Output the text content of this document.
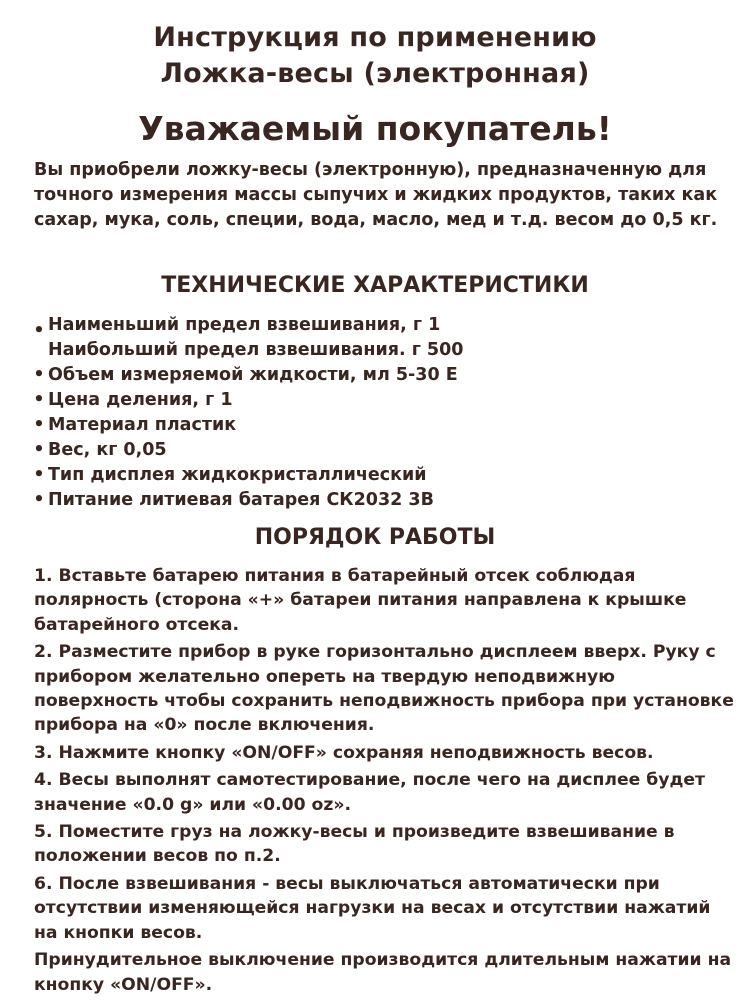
Инструкция по применению
Ложка-весы (электронная)
Уважаемый покупатель!
Вы приобрели ложку-весы (электронную), предназначенную для точного измерения массы сыпучих и жидких продуктов, таких как сахар, мука, соль, специи, вода, масло, мед и т.д. весом до 0,5 кг.
ТЕХНИЧЕСКИЕ ХАРАКТЕРИСТИКИ
• Наименьший предел взвешивания, г 1
Наибольший предел взвешивания. г 500
• Объем измеряемой жидкости, мл 5-30 Е
• Цена деления, г 1
• Материал пластик
• Вес, кг 0,05
• Тип дисплея жидкокристаллический
• Питание литиевая батарея СК2032 3В
ПОРЯДОК РАБОТЫ

1. Вставьте батарею питания в батарейный отсек соблюдая полярность (сторона «+» батареи питания направлена к крышке батарейного отсека.

2. Разместите прибор в руке горизонтально дисплеем вверх. Руку с прибором желательно опереть на твердую неподвижную поверхность чтобы сохранить неподвижность прибора при установке прибора на «0» после включения.

3. Нажмите кнопку «ON/OFF» сохраняя неподвижность весов.

4. Весы выполнят самотестирование, после чего на дисплее будет значение «0.0 g» или «0.00 oz».

5. Поместите груз на ложку-весы и произведите взвешивание в положении весов по п.2.

6. После взвешивания - весы выключаться автоматически при отсутствии изменяющейся нагрузки на весах и отсутствии нажатий на кнопки весов.

Принудительное выключение производится длительным нажатии на кнопку «ON/OFF».
